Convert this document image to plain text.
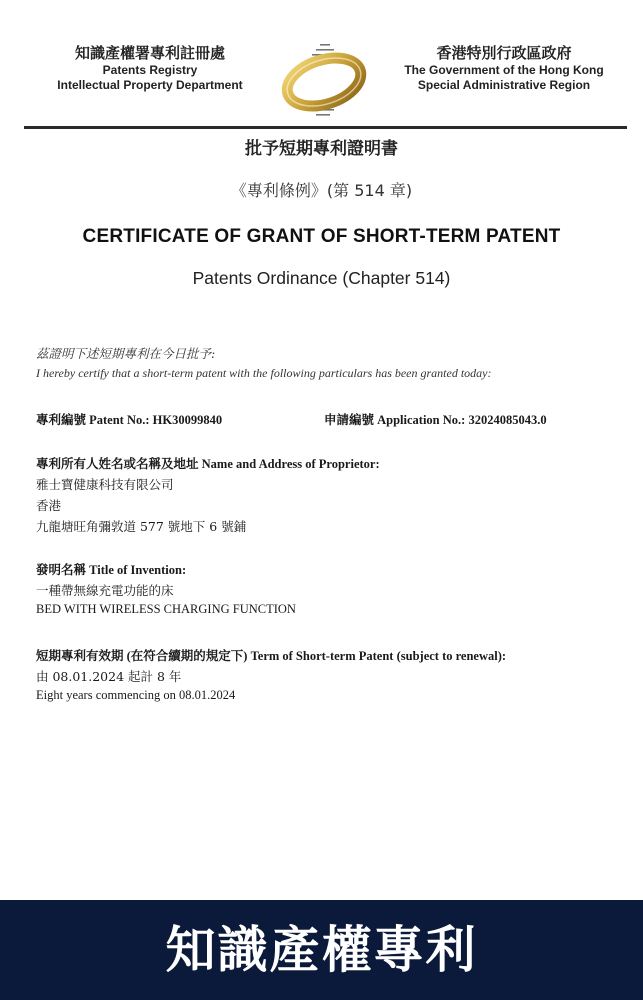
知識產權署專利註冊處
Patents Registry
Intellectual Property Department
香港特別行政區政府
The Government of the Hong Kong
Special Administrative Region
批予短期專利證明書
《專利條例》(第 514 章)
CERTIFICATE OF GRANT OF SHORT-TERM PATENT
Patents Ordinance (Chapter 514)
茲證明下述短期專利在今日批予:
I hereby certify that a short-term patent with the following particulars has been granted today:
專利編號 Patent No.: HK30099840	申請編號 Application No.: 32024085043.0
專利所有人姓名或名稱及地址 Name and Address of Proprietor:
雅士寶健康科技有限公司
香港
九龍塘旺角彌敦道 577 號地下 6 號鋪
發明名稱 Title of Invention:
一種帶無線充電功能的床
BED WITH WIRELESS CHARGING FUNCTION
短期專利有效期 (在符合續期的規定下) Term of Short-term Patent (subject to renewal):
由 08.01.2024 起計 8 年
Eight years commencing on 08.01.2024
知識產權專利
